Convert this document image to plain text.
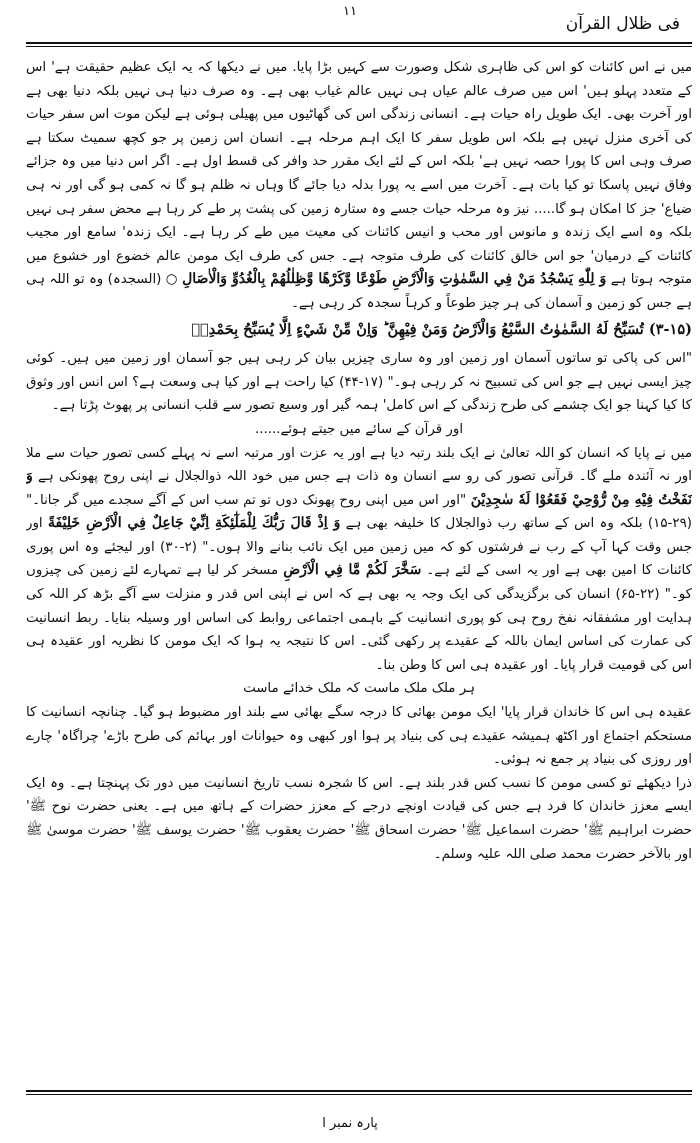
۱۱
فی ظلال القرآن

میں نے اس کائنات کو اس کی ظاہری شکل وصورت سے کہیں بڑا پایا. میں نے دیکھا کہ یہ ایک عظیم حقیقت ہے' اس کے متعدد پہلو ہیں' اس میں صرف عالم عیاں ہی نہیں عالم غیاب بھی ہے۔ وہ صرف دنیا ہی نہیں بلکہ دنیا بھی ہے اور آخرت بھی۔ ایک طویل راہ حیات ہے۔ انسانی زندگی اس کی گھاٹیوں میں پھیلی ہوئی ہے لیکن موت اس سفر حیات کی آخری منزل نہیں ہے بلکہ اس طویل سفر کا ایک اہم مرحلہ ہے۔ انسان اس زمین پر جو کچھ سمیٹ سکتا ہے صرف وہی اس کا پورا حصہ نہیں ہے' بلکہ اس کے لئے ایک مقرر حد وافر کی قسط اول ہے۔ اگر اس دنیا میں وہ جزائے وفاق نہیں پاسکا تو کیا بات ہے۔ آخرت میں اسے یہ پورا بدلہ دیا جائے گا وہاں نہ ظلم ہو گا نہ کمی ہو گی اور نہ ہی ضیاع' جز کا امکان ہو گا..... نیز وہ مرحلہ حیات جسے وہ ستارہ زمین کی پشت پر طے کر رہا ہے محض سفر ہی نہیں بلکہ وہ اسے ایک زندہ و مانوس اور محب و انیس کائنات کی معیت میں طے کر رہا ہے۔ ایک زندہ' سامع اور مجیب کائنات کے درمیان' جو اس خالق کائنات کی طرف متوجہ ہے۔ جس کی طرف ایک مومن عالم خضوع اور خشوع میں متوجہ ہوتا ہے وَ لِلّٰهِ يَسْجُدُ مَنْ فِي السَّمٰوٰتِ وَالْاَرْضِ طَوْعًا وَّكَرْهًا وَّظِلٰلُهُمْ بِالْغُدُوِّ وَالْاٰصَالِ ○ (السجدہ) وہ تو اللہ ہی ہے جس کو زمین و آسمان کی ہر چیز طوعاً و کرہاً سجدہ کر رہی ہے۔

(۳-۱۵) تُسَبِّحُ لَهُ السَّمٰوٰتُ السَّبْعُ وَالْاَرْضُ وَمَنْ فِيْهِنَّ ؕ وَاِنْ مِّنْ شَيْءٍ اِلَّا يُسَبِّحُ بِحَمْدِهٖ

"اس کی پاکی تو ساتوں آسمان اور زمین اور وہ ساری چیزیں بیان کر رہی ہیں جو آسمان اور زمین میں ہیں۔ کوئی چیز ایسی نہیں ہے جو اس کی تسبیح نہ کر رہی ہو۔" (۱۷-۴۴) کیا راحت ہے اور کیا ہی وسعت ہے؟ اس انس اور وثوق کا کیا کہنا جو ایک چشمے کی طرح زندگی کے اس کامل' ہمہ گیر اور وسیع تصور سے قلب انسانی پر پھوٹ پڑتا ہے۔

اور قرآن کے سائے میں جیتے ہوئے......

میں نے پایا کہ انسان کو اللہ تعالیٰ نے ایک بلند رتبہ دیا ہے اور یہ عزت اور مرتبہ اسے نہ پہلے کسی تصور حیات سے ملا اور نہ آئندہ ملے گا۔ قرآنی تصور کی رو سے انسان وہ ذات ہے جس میں خود اللہ ذوالجلال نے اپنی روح پھونکی ہے وَ نَفَخْتُ فِيْهِ مِنْ رُّوْحِيْ فَقَعُوْا لَهٗ سٰجِدِيْنَ "اور اس میں اپنی روح پھونک دوں تو تم سب اس کے آگے سجدے میں گر جانا۔" (۲۹-۱۵) بلکہ وہ اس کے ساتھ رب ذوالجلال کا خلیفہ بھی ہے وَ اِذْ قَالَ رَبُّكَ لِلْمَلٰٓئِكَةِ اِنِّيْ جَاعِلٌ فِي الْاَرْضِ خَلِيْفَةً اور جس وقت کہا آپ کے رب نے فرشتوں کو کہ میں زمین میں ایک نائب بنانے والا ہوں۔" (۲-۳۰) اور لیجئے وہ اس پوری کائنات کا امین بھی ہے اور یہ اسی کے لئے ہے۔ سَخَّرَ لَكُمْ مَّا فِي الْاَرْضِ مسخر کر لیا ہے تمہارے لئے زمین کی چیزوں کو۔" (۲۲-۶۵) انسان کی برگزیدگی کی ایک وجہ یہ بھی ہے کہ اس نے اپنی اس قدر و منزلت سے آگے بڑھ کر اللہ کی ہدایت اور مشفقانہ نفخ روح ہی کو پوری انسانیت کے باہمی اجتماعی روابط کی اساس اور وسیلہ بنایا۔ ربط انسانیت کی عمارت کی اساس ایمان باللہ کے عقیدے پر رکھی گئی۔ اس کا نتیجہ یہ ہوا کہ ایک مومن کا نظریہ اور عقیدہ ہی اس کی قومیت قرار پایا۔ اور عقیدہ ہی اس کا وطن بنا۔

ہر ملک ملک ماست کہ ملک خدائے ماست

عقیدہ ہی اس کا خاندان قرار پایا' ایک مومن بھائی کا درجہ سگے بھائی سے بلند اور مضبوط ہو گیا۔ چنانچہ انسانیت کا مستحکم اجتماع اور اکٹھ ہمیشہ عقیدے ہی کی بنیاد پر ہوا اور کبھی وہ حیوانات اور بہائم کی طرح باڑے' چراگاہ' چارے اور روزی کی بنیاد پر جمع نہ ہوئی۔

ذرا دیکھئے تو کسی مومن کا نسب کس قدر بلند ہے۔ اس کا شجرہ نسب تاریخ انسانیت میں دور تک پہنچتا ہے۔ وہ ایک ایسے معزز خاندان کا فرد ہے جس کی قیادت اونچے درجے کے معزز حضرات کے ہاتھ میں ہے۔ یعنی حضرت نوح ﷺ' حضرت ابراہیم ﷺ' حضرت اسماعیل ﷺ' حضرت اسحاق ﷺ' حضرت یعقوب ﷺ' حضرت یوسف ﷺ' حضرت موسیٰ ﷺ اور بالآخر حضرت محمد صلی اللہ علیہ وسلم۔

پارہ نمبر ا
